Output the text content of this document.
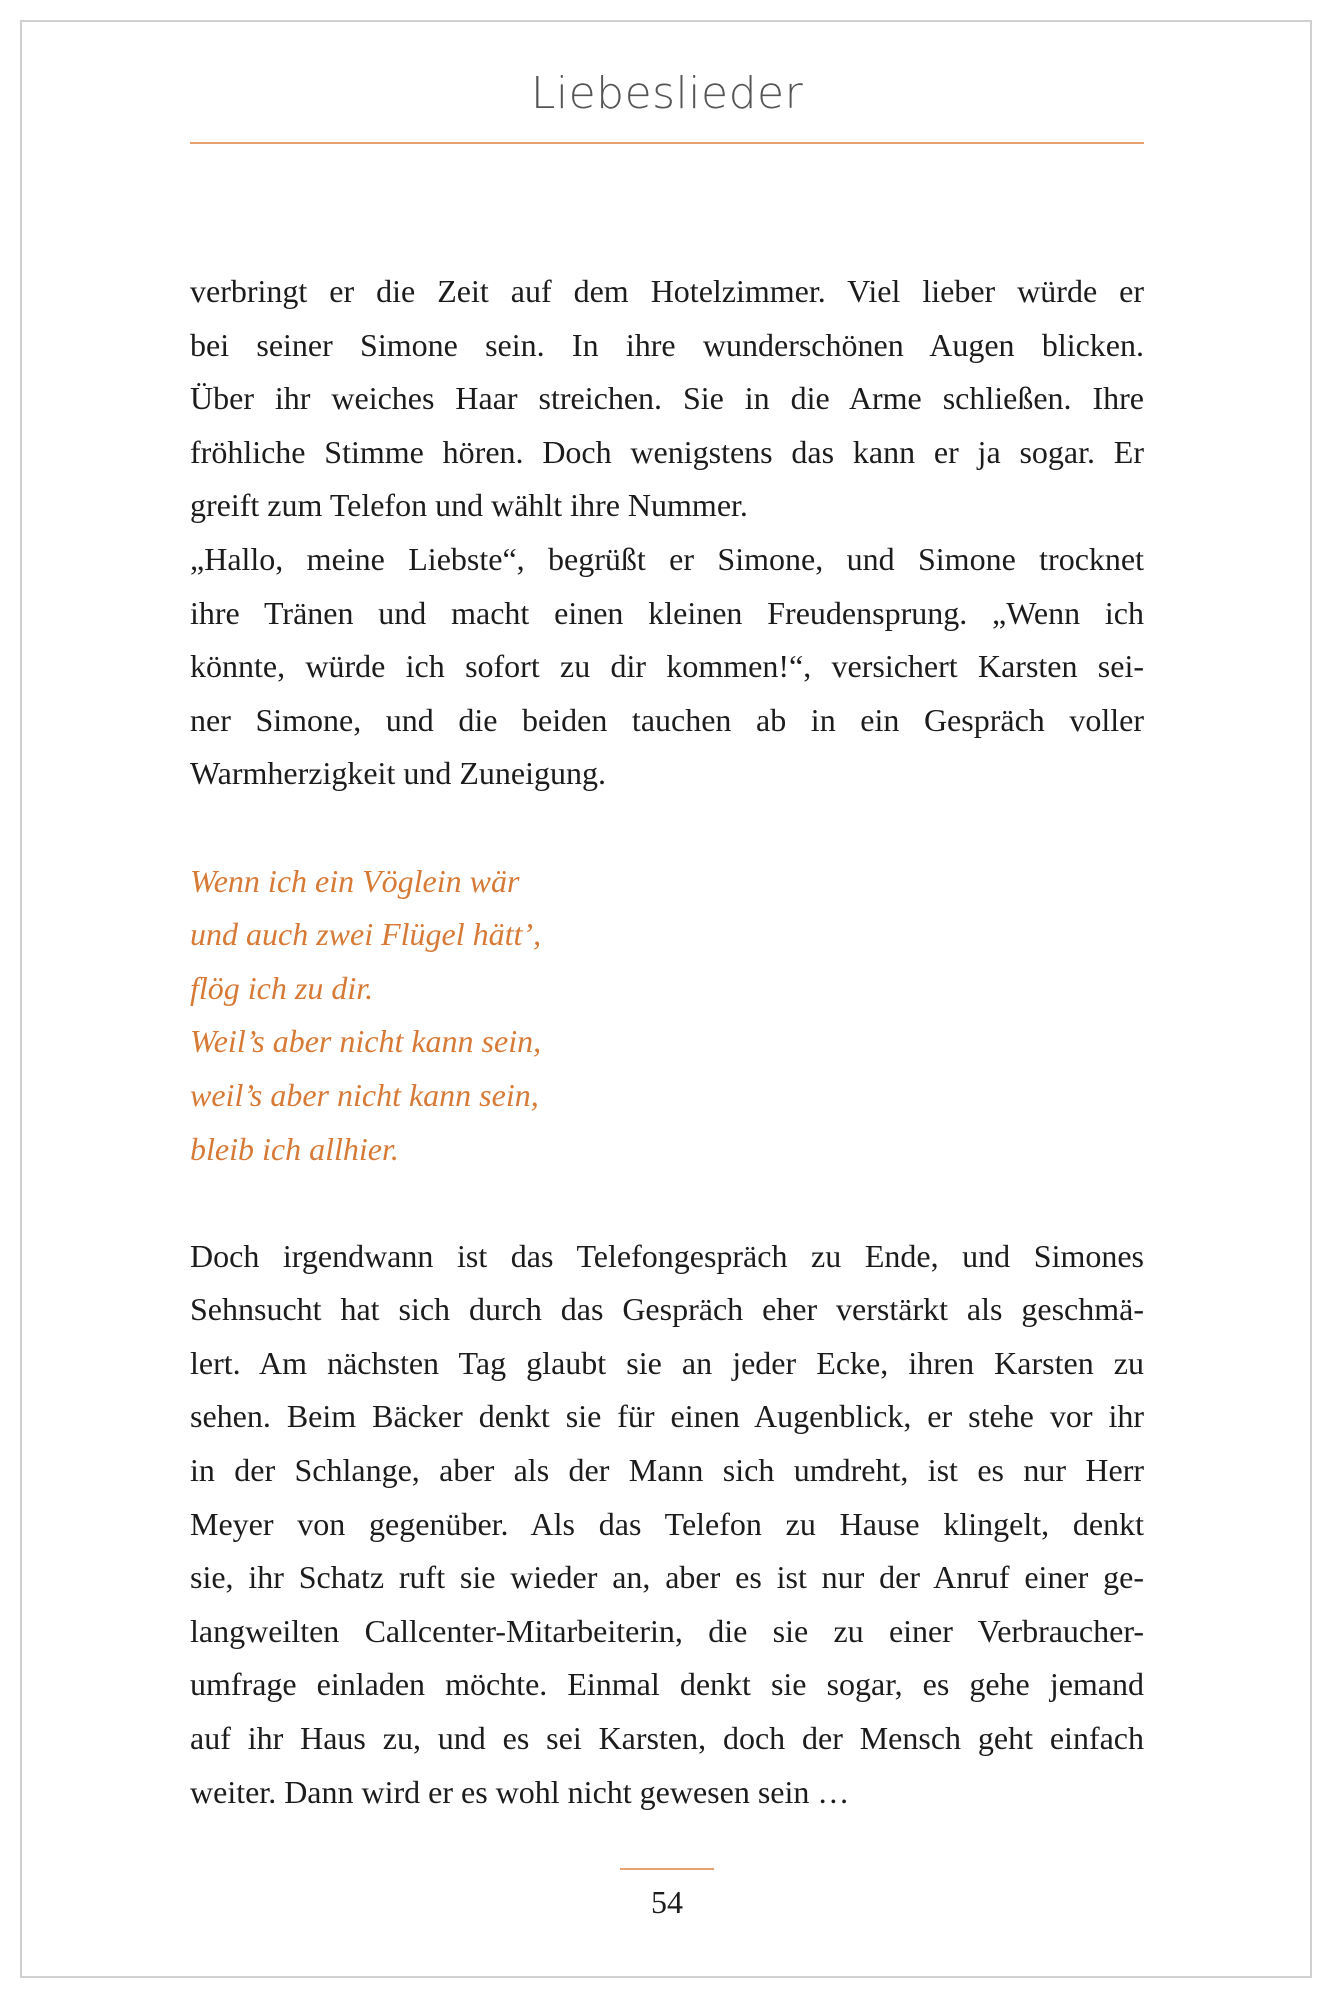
Liebeslieder

verbringt er die Zeit auf dem Hotelzimmer. Viel lieber würde er
bei seiner Simone sein. In ihre wunderschönen Augen blicken.
Über ihr weiches Haar streichen. Sie in die Arme schließen. Ihre
fröhliche Stimme hören. Doch wenigstens das kann er ja sogar. Er
greift zum Telefon und wählt ihre Nummer.

„Hallo, meine Liebste“, begrüßt er Simone, und Simone trocknet
ihre Tränen und macht einen kleinen Freudensprung. „Wenn ich
könnte, würde ich sofort zu dir kommen!“, versichert Karsten sei-
ner Simone, und die beiden tauchen ab in ein Gespräch voller
Warmherzigkeit und Zuneigung.

Wenn ich ein Vöglein wär
und auch zwei Flügel hätt’,
flög ich zu dir.
Weil’s aber nicht kann sein,
weil’s aber nicht kann sein,
bleib ich allhier.

Doch irgendwann ist das Telefongespräch zu Ende, und Simones
Sehnsucht hat sich durch das Gespräch eher verstärkt als geschmä-
lert. Am nächsten Tag glaubt sie an jeder Ecke, ihren Karsten zu
sehen. Beim Bäcker denkt sie für einen Augenblick, er stehe vor ihr
in der Schlange, aber als der Mann sich umdreht, ist es nur Herr
Meyer von gegenüber. Als das Telefon zu Hause klingelt, denkt
sie, ihr Schatz ruft sie wieder an, aber es ist nur der Anruf einer ge-
langweilten Callcenter-Mitarbeiterin, die sie zu einer Verbraucher-
umfrage einladen möchte. Einmal denkt sie sogar, es gehe jemand
auf ihr Haus zu, und es sei Karsten, doch der Mensch geht einfach
weiter. Dann wird er es wohl nicht gewesen sein …

54
